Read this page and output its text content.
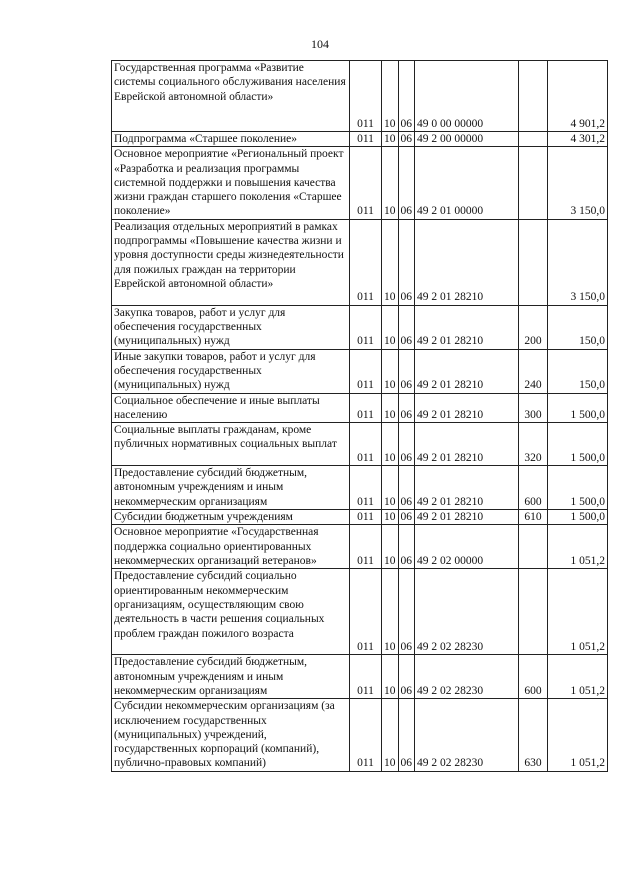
104
Государственная программа «Развитие системы социального обслуживания населения Еврейской автономной области»	011	10	06	49 0 00 00000		4 901,2
Подпрограмма «Старшее поколение»	011	10	06	49 2 00 00000		4 301,2
Основное мероприятие «Региональный проект «Разработка и реализация программы системной поддержки и повышения качества жизни граждан старшего поколения «Старшее поколение»	011	10	06	49 2 01 00000		3 150,0
Реализация отдельных мероприятий в рамках подпрограммы «Повышение качества жизни и уровня доступности среды жизнедеятельности для пожилых граждан на территории Еврейской автономной области»	011	10	06	49 2 01 28210		3 150,0
Закупка товаров, работ и услуг для обеспечения государственных (муниципальных) нужд	011	10	06	49 2 01 28210	200	150,0
Иные закупки товаров, работ и услуг для обеспечения государственных (муниципальных) нужд	011	10	06	49 2 01 28210	240	150,0
Социальное обеспечение и иные выплаты населению	011	10	06	49 2 01 28210	300	1 500,0
Социальные выплаты гражданам, кроме публичных нормативных социальных выплат	011	10	06	49 2 01 28210	320	1 500,0
Предоставление субсидий бюджетным, автономным учреждениям и иным некоммерческим организациям	011	10	06	49 2 01 28210	600	1 500,0
Субсидии бюджетным учреждениям	011	10	06	49 2 01 28210	610	1 500,0
Основное мероприятие «Государственная поддержка социально ориентированных некоммерческих организаций ветеранов»	011	10	06	49 2 02 00000		1 051,2
Предоставление субсидий социально ориентированным некоммерческим организациям, осуществляющим свою деятельность в части решения социальных проблем граждан пожилого возраста	011	10	06	49 2 02 28230		1 051,2
Предоставление субсидий бюджетным, автономным учреждениям и иным некоммерческим организациям	011	10	06	49 2 02 28230	600	1 051,2
Субсидии некоммерческим организациям (за исключением государственных (муниципальных) учреждений, государственных корпораций (компаний), публично-правовых компаний)	011	10	06	49 2 02 28230	630	1 051,2
